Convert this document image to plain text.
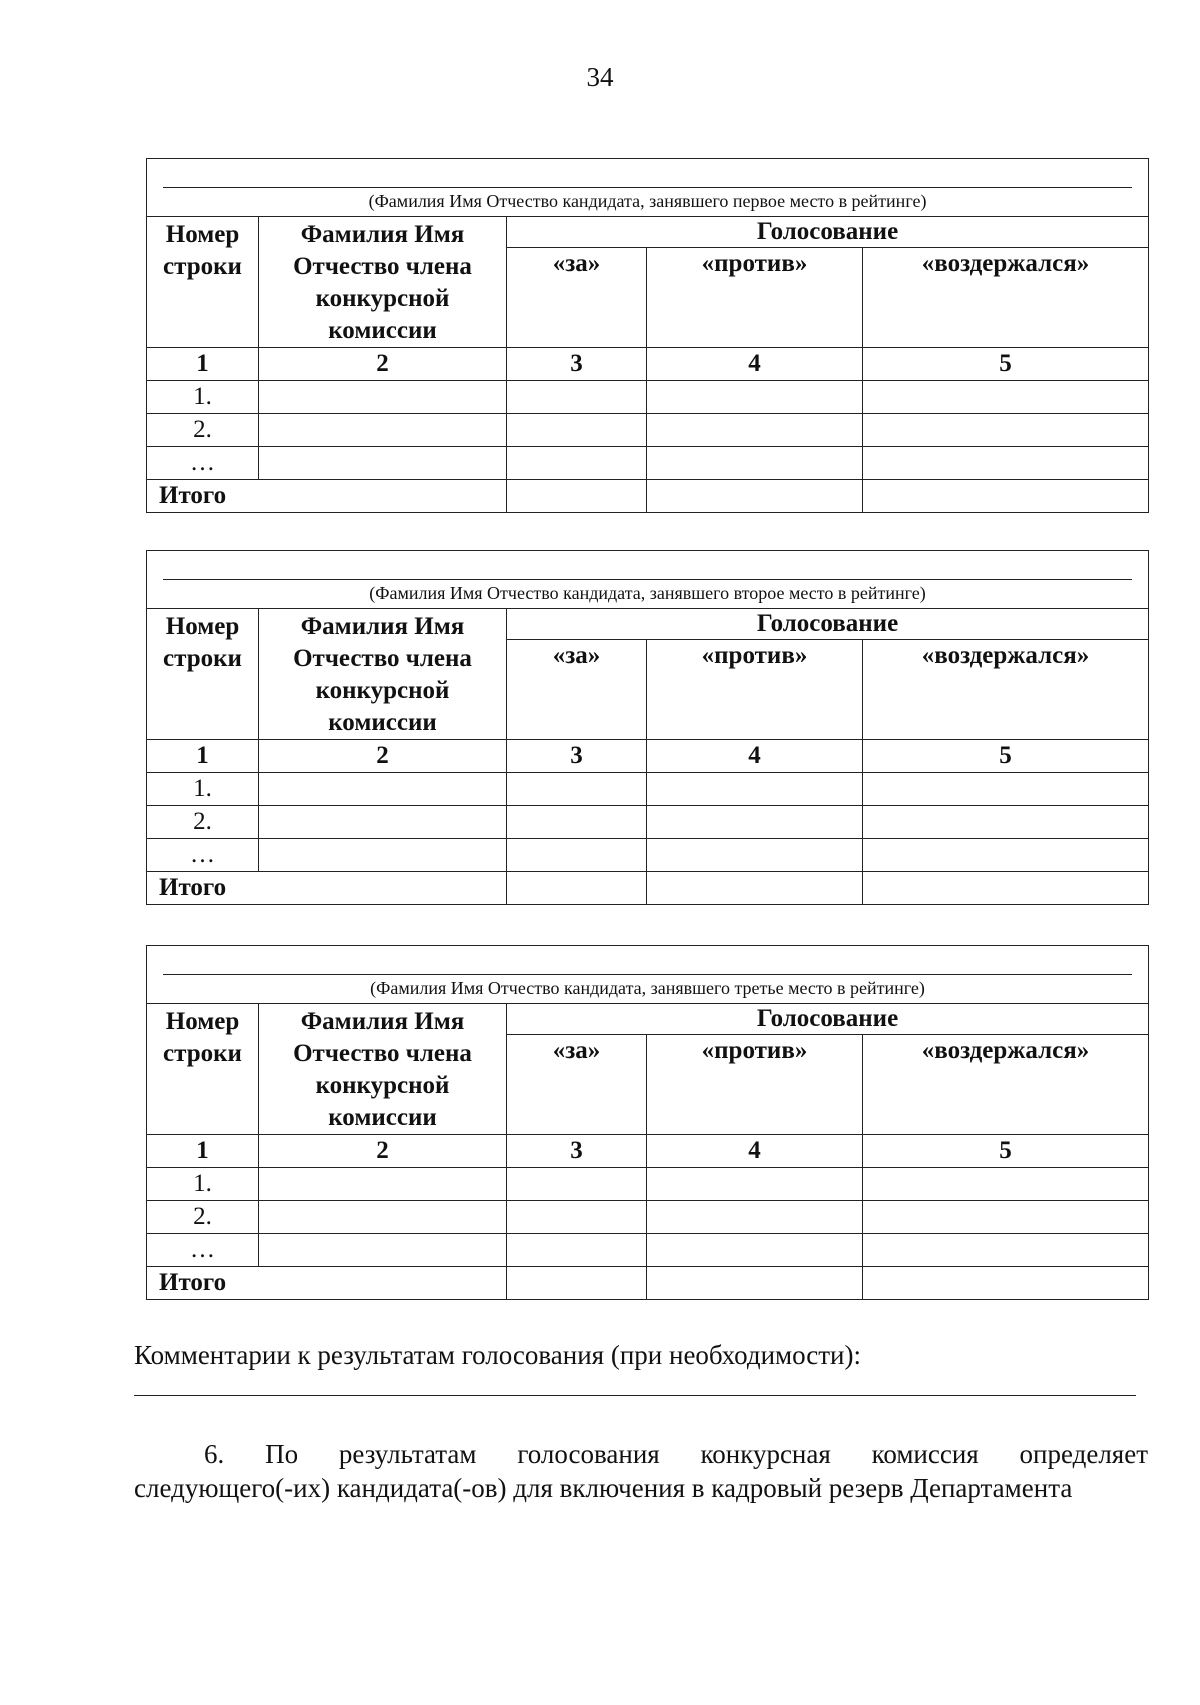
34
(Фамилия Имя Отчество кандидата, занявшего первое место в рейтинге)				

Номер строки	Фамилия Имя Отчество члена конкурсной комиссии	Голосование		
		«за»	«против»	«воздержался»
1	2	3	4	5
1.				
2.				
…				
Итого				
(Фамилия Имя Отчество кандидата, занявшего второе место в рейтинге)				

Номер строки	Фамилия Имя Отчество члена конкурсной комиссии	Голосование		
		«за»	«против»	«воздержался»
1	2	3	4	5
1.				
2.				
…				
Итого				
(Фамилия Имя Отчество кандидата, занявшего третье место в рейтинге)				

Номер строки	Фамилия Имя Отчество члена конкурсной комиссии	Голосование		
		«за»	«против»	«воздержался»
1	2	3	4	5
1.				
2.				
…				
Итого				
Комментарии к результатам голосования (при необходимости):
6. По результатам голосования конкурсная комиссия определяет
следующего(-их) кандидата(-ов) для включения в кадровый резерв Департамента
